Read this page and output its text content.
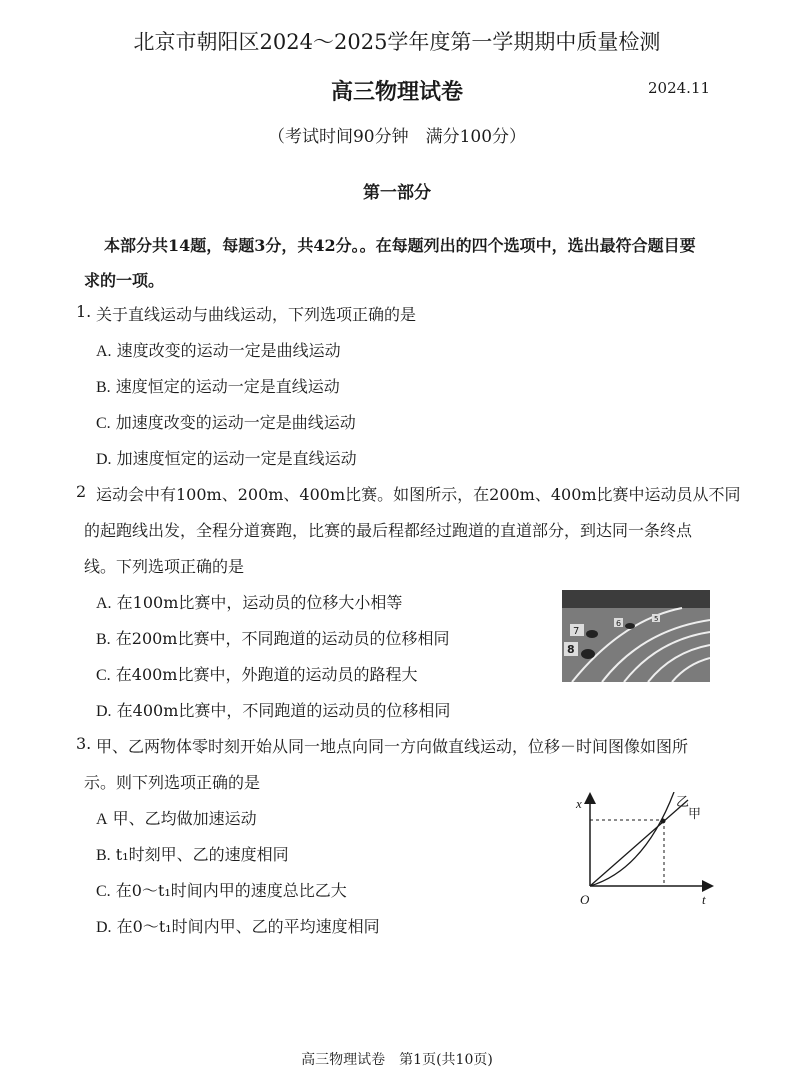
北京市朝阳区2024～2025学年度第一学期期中质量检测
高三物理试卷	2024.11
（考试时间90分钟　满分100分）
第一部分
本部分共14题，每题3分，共42分。。在每题列出的四个选项中，选出最符合题目要求的一项。
1. 关于直线运动与曲线运动，下列选项正确的是
A. 速度改变的运动一定是曲线运动
B. 速度恒定的运动一定是直线运动
C. 加速度改变的运动一定是曲线运动
D. 加速度恒定的运动一定是直线运动
2 运动会中有100m、200m、400m比赛。如图所示，在200m、400m比赛中运动员从不同
的起跑线出发，全程分道赛跑，比赛的最后程都经过跑道的直道部分，到达同一条终点
线。下列选项正确的是
A. 在100m比赛中，运动员的位移大小相等
B. 在200m比赛中，不同跑道的运动员的位移相同
C. 在400m比赛中，外跑道的运动员的路程大
D. 在400m比赛中，不同跑道的运动员的位移相同
7
8
6	5
3. 甲、乙两物体零时刻开始从同一地点向同一方向做直线运动，位移－时间图像如图所
示。则下列选项正确的是
A 甲、乙均做加速运动
B. t₁时刻甲、乙的速度相同
C. 在0～t₁时间内甲的速度总比乙大
D. 在0～t₁时间内甲、乙的平均速度相同
x
t
O
乙
甲
高三物理试卷　第1页(共10页)
